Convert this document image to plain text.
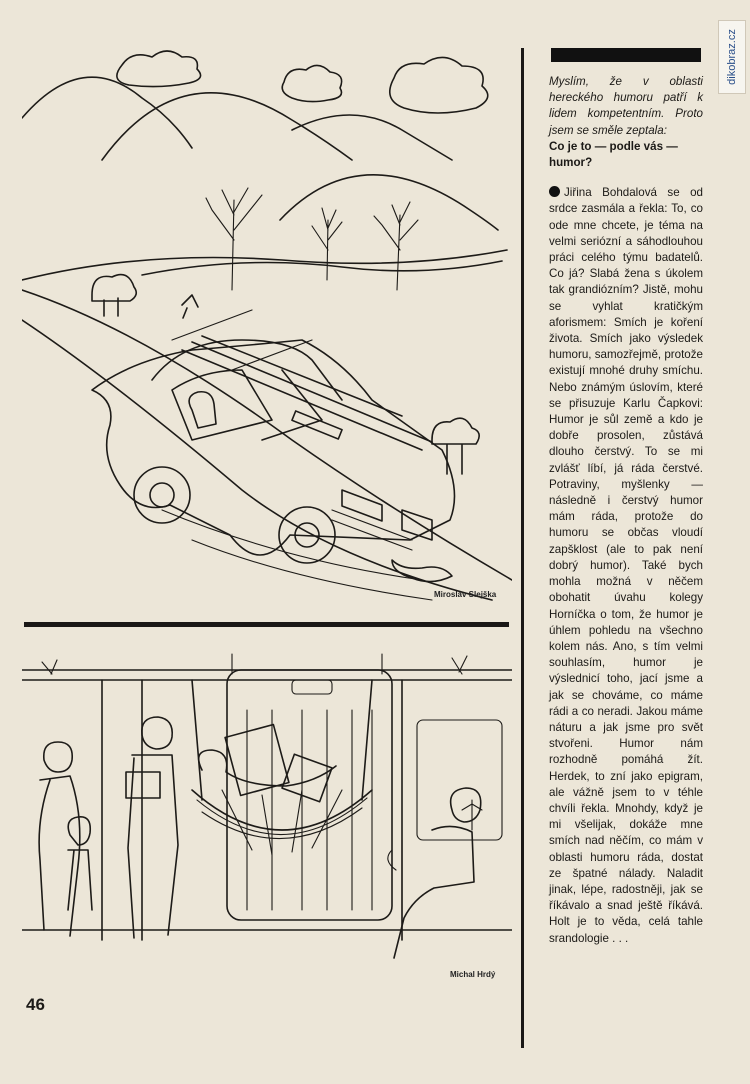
dikobraz.cz
Miroslav Slejška
Michal Hrdý
46

Myslím, že v oblasti hereckého humoru patří k lidem kompetentním. Proto jsem se směle zeptala:

Co je to — podle vás — humor?

Jiřina Bohdalová se od srdce zasmála a řekla: To, co ode mne chcete, je téma na velmi seriózní a sáhodlouhou práci celého týmu badatelů. Co já? Slabá žena s úkolem tak grandiózním? Jistě, mohu se vyhlat kratičkým aforismem: Smích je koření života. Smích jako výsledek humoru, samozřejmě, protože existují mnohé druhy smíchu. Nebo známým úslovím, které se přisuzuje Karlu Čapkovi: Humor je sůl země a kdo je dobře prosolen, zůstává dlouho čerstvý. To se mi zvlášť líbí, já ráda čerstvé. Potraviny, myšlenky — následně i čerstvý humor mám ráda, protože do humoru se občas vloudí zapšklost (ale to pak není dobrý humor). Také bych mohla možná v něčem obohatit úvahu kolegy Horníčka o tom, že humor je úhlem pohledu na všechno kolem nás. Ano, s tím velmi souhlasím, humor je výslednicí toho, jací jsme a jak se chováme, co máme rádi a co neradi. Jakou máme náturu a jak jsme pro svět stvořeni. Humor nám rozhodně pomáhá žít. Herdek, to zní jako epigram, ale vážně jsem to v téhle chvíli řekla. Mnohdy, když je mi všelijak, dokáže mne smích nad něčím, co mám v oblasti humoru ráda, dostat ze špatné nálady. Naladit jinak, lépe, radostněji, jak se říkávalo a snad ještě říkává. Holt je to věda, celá tahle srandologie . . .
